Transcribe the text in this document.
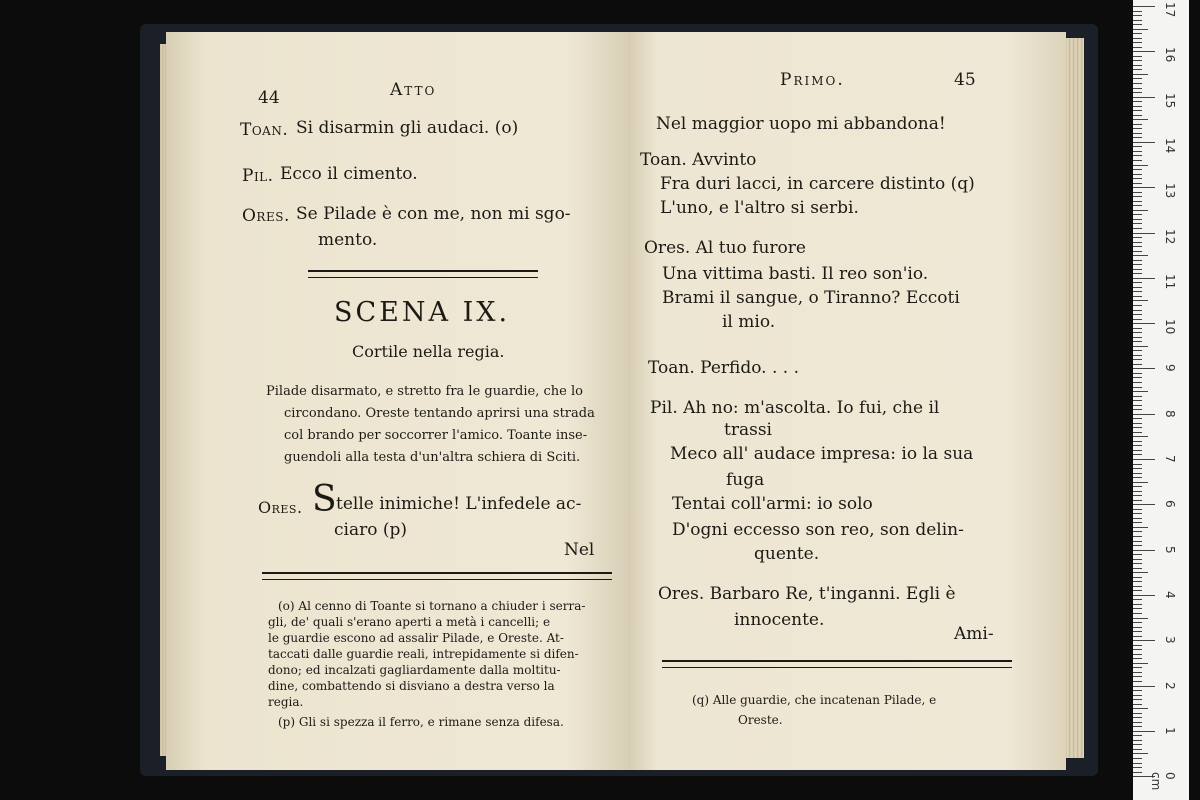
44	Atto
Toan. Si disarmin gli audaci. (o)
Pil. Ecco il cimento.
Ores. Se Pilade è con me, non mi sgo-
mento.
SCENA IX.
Cortile nella regia.
Pilade disarmato, e stretto fra le guardie, che lo
circondano. Oreste tentando aprirsi una strada
col brando per soccorrer l'amico. Toante inse-
guendoli alla testa d'un'altra schiera di Sciti.
Ores. S telle inimiche! L'infedele ac-
ciaro (p)
Nel
(o) Al cenno di Toante si tornano a chiuder i serra-
gli, de' quali s'erano aperti a metà i cancelli; e
le guardie escono ad assalir Pilade, e Oreste. At-
taccati dalle guardie reali, intrepidamente si difen-
dono; ed incalzati gagliardamente dalla moltitu-
dine, combattendo si disviano a destra verso la
regia.
(p) Gli si spezza il ferro, e rimane senza difesa.
Primo.	45
Nel maggior uopo mi abbandona!
Toan. Avvinto
Fra duri lacci, in carcere distinto (q)
L'uno, e l'altro si serbi.
Ores. Al tuo furore
Una vittima basti. Il reo son'io.
Brami il sangue, o Tiranno? Eccoti
il mio.
Toan. Perfido. . . .
Pil. Ah no: m'ascolta. Io fui, che il
trassi
Meco all' audace impresa: io la sua
fuga
Tentai coll'armi: io solo
D'ogni eccesso son reo, son delin-
quente.
Ores. Barbaro Re, t'inganni. Egli è
innocente.
Ami-
(q) Alle guardie, che incatenan Pilade, e
Oreste.
17
16
15
14
13
12
11
10
9
8
7
6
5
4
3
2
1
0 cm
